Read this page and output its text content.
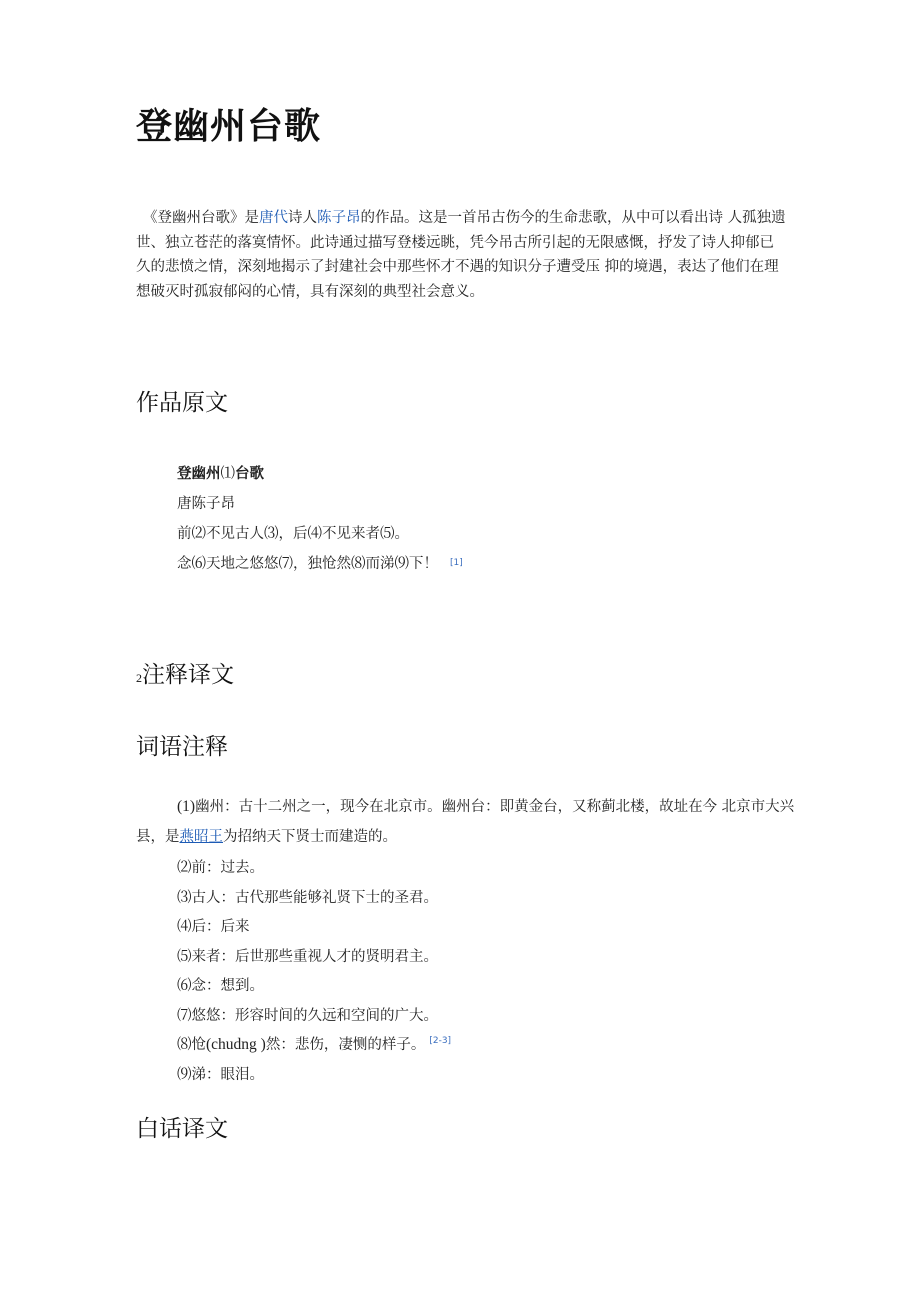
登幽州台歌

《登幽州台歌》是唐代诗人陈子昂的作品。这是一首吊古伤今的生命悲歌，从中可以看出诗 人孤独遗世、独立苍茫的落寞情怀。此诗通过描写登楼远眺，凭今吊古所引起的无限感慨，抒发了诗人抑郁已久的悲愤之情，深刻地揭示了封建社会中那些怀才不遇的知识分子遭受压 抑的境遇，表达了他们在理想破灭时孤寂郁闷的心情，具有深刻的典型社会意义。

作品原文
登幽州⑴台歌
唐陈子昂
前⑵不见古人⑶，后⑷不见来者⑸。
念⑹天地之悠悠⑺，独怆然⑻而涕⑼下！ [1]
2注释译文
词语注释

(1)幽州：古十二州之一，现今在北京市。幽州台：即黄金台，又称蓟北楼，故址在今 北京市大兴县，是燕昭王为招纳天下贤士而建造的。

⑵前：过去。
⑶古人：古代那些能够礼贤下士的圣君。
⑷后：后来
⑸来者：后世那些重视人才的贤明君主。
⑹念：想到。
⑺悠悠：形容时间的久远和空间的广大。
⑻怆(chudng )然：悲伤，凄恻的样子。 [2-3]
⑼涕：眼泪。
白话译文
